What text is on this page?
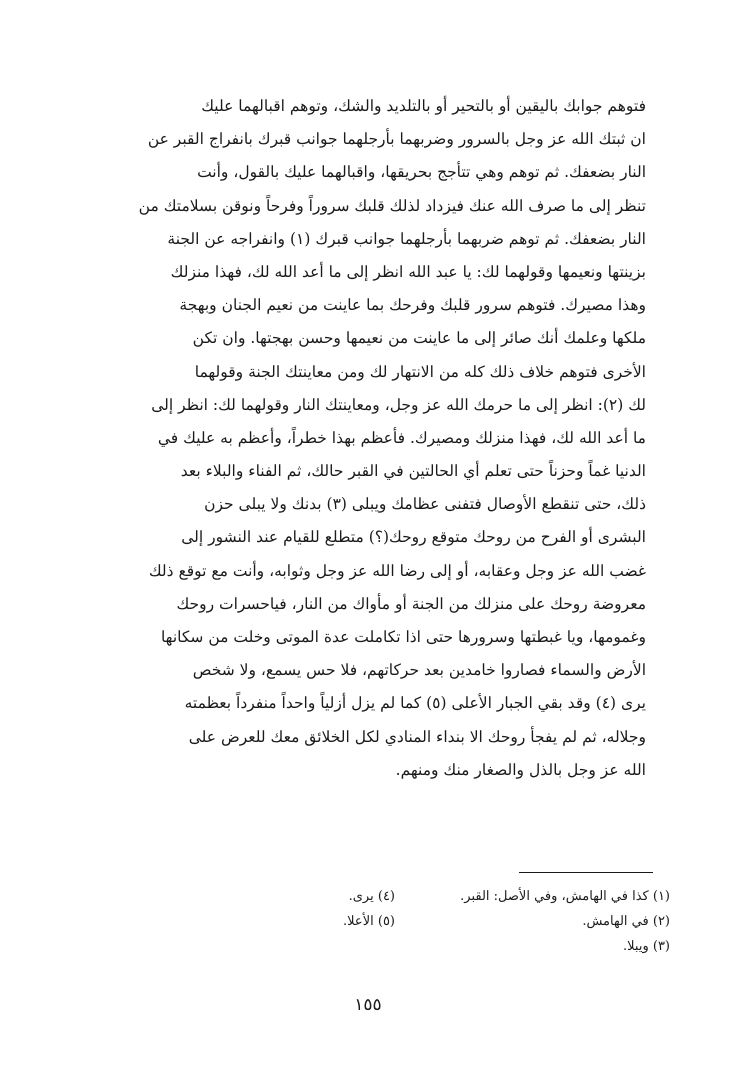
فتوهم جوابك باليقين أو بالتحير أو بالتلديد والشك، وتوهم اقبالهما عليك
ان ثبتك الله عز وجل بالسرور وضربهما بأرجلهما جوانب قبرك بانفراج القبر عن
النار بضعفك. ثم توهم وهي تتأجج بحريقها، واقبالهما عليك بالقول، وأنت
تنظر إلى ما صرف الله عنك فيزداد لذلك قلبك سروراً وفرحاً ونوقن بسلامتك من
النار بضعفك. ثم توهم ضربهما بأرجلهما جوانب قبرك (١) وانفراجه عن الجنة
بزينتها ونعيمها وقولهما لك: يا عبد الله انظر إلى ما أعد الله لك، فهذا منزلك
وهذا مصيرك. فتوهم سرور قلبك وفرحك بما عاينت من نعيم الجنان وبهجة
ملكها وعلمك أنك صائر إلى ما عاينت من نعيمها وحسن بهجتها. وان تكن
الأخرى فتوهم خلاف ذلك كله من الانتهار لك ومن معاينتك الجنة وقولهما
لك (٢): انظر إلى ما حرمك الله عز وجل، ومعاينتك النار وقولهما لك: انظر إلى
ما أعد الله لك، فهذا منزلك ومصيرك. فأعظم بهذا خطراً، وأعظم به عليك في
الدنيا غماً وحزناً حتى تعلم أي الحالتين في القبر حالك، ثم الفناء والبلاء بعد
ذلك، حتى تنقطع الأوصال فتفنى عظامك ويبلى (٣) بدنك ولا يبلى حزن
البشرى أو الفرح من روحك متوقع روحك(؟) متطلع للقيام عند النشور إلى
غضب الله عز وجل وعقابه، أو إلى رضا الله عز وجل وثوابه، وأنت مع توقع ذلك
معروضة روحك على منزلك من الجنة أو مأواك من النار، فياحسرات روحك
وغمومها، ويا غبطتها وسرورها حتى اذا تكاملت عدة الموتى وخلت من سكانها
الأرض والسماء فصاروا خامدين بعد حركاتهم، فلا حس يسمع، ولا شخص
يرى (٤) وقد بقي الجبار الأعلى (٥) كما لم يزل أزلياً واحداً منفرداً بعظمته
وجلاله، ثم لم يفجأ روحك الا بنداء المنادي لكل الخلائق معك للعرض على
الله عز وجل بالذل والصغار منك ومنهم.
(١) كذا في الهامش، وفي الأصل: القبر.
(٤) يرى.
(٢) في الهامش.
(٥) الأعلا.
(٣) ويبلا.
١٥٥
